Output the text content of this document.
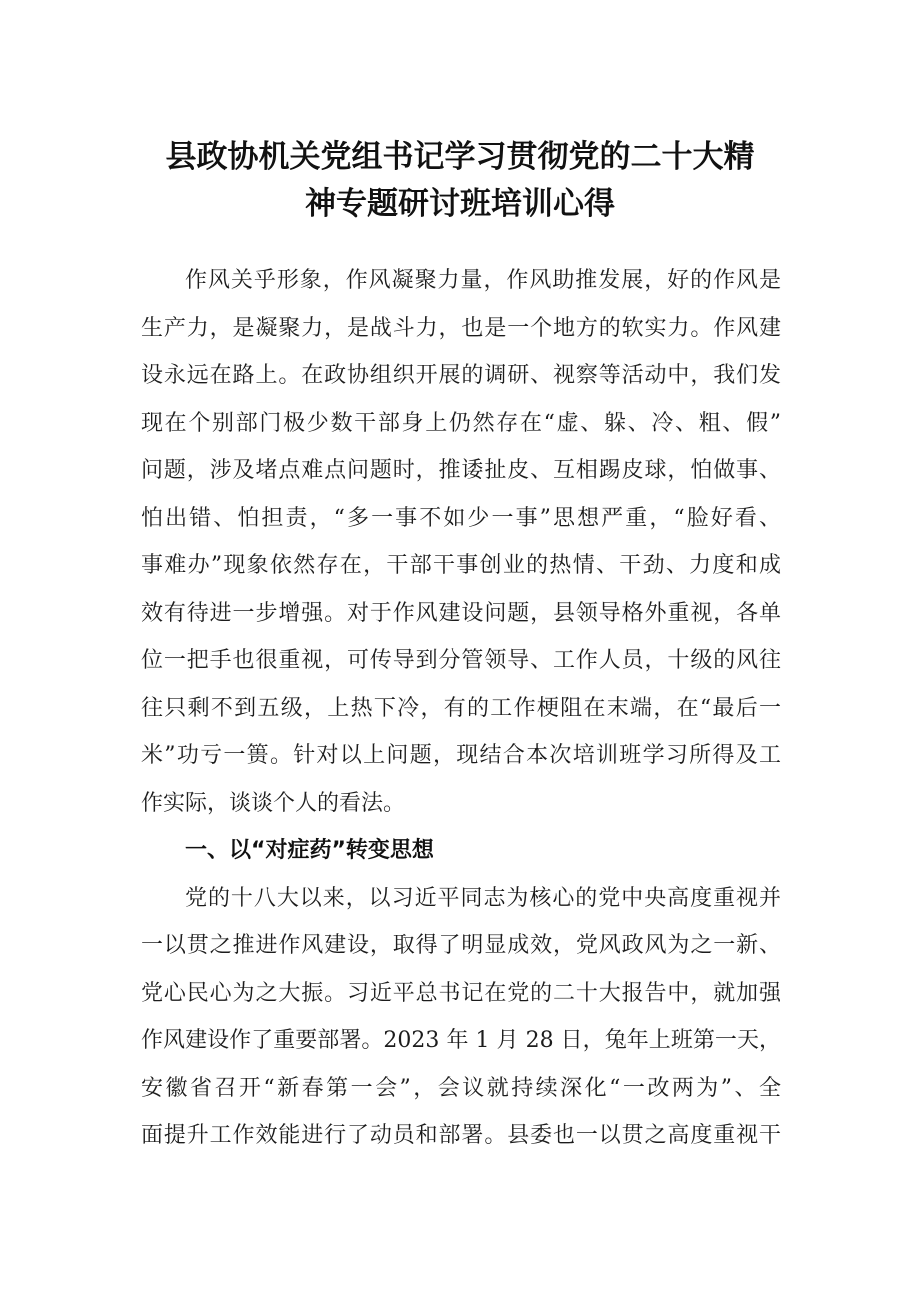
县政协机关党组书记学习贯彻党的二十大精
神专题研讨班培训心得
作风关乎形象，作风凝聚力量，作风助推发展，好的作风是
生产力，是凝聚力，是战斗力，也是一个地方的软实力。作风建
设永远在路上。在政协组织开展的调研、视察等活动中，我们发
现在个别部门极少数干部身上仍然存在“虚、躲、冷、粗、假”
问题，涉及堵点难点问题时，推诿扯皮、互相踢皮球，怕做事、
怕出错、怕担责，“多一事不如少一事”思想严重，“脸好看、
事难办”现象依然存在，干部干事创业的热情、干劲、力度和成
效有待进一步增强。对于作风建设问题，县领导格外重视，各单
位一把手也很重视，可传导到分管领导、工作人员，十级的风往
往只剩不到五级，上热下冷，有的工作梗阻在末端，在“最后一
米”功亏一篑。针对以上问题，现结合本次培训班学习所得及工
作实际，谈谈个人的看法。
一、以“对症药”转变思想
党的十八大以来，以习近平同志为核心的党中央高度重视并
一以贯之推进作风建设，取得了明显成效，党风政风为之一新、
党心民心为之大振。习近平总书记在党的二十大报告中，就加强
作风建设作了重要部署。2023 年 1 月 28 日，兔年上班第一天，
安徽省召开“新春第一会”，会议就持续深化“一改两为”、全
面提升工作效能进行了动员和部署。县委也一以贯之高度重视干
